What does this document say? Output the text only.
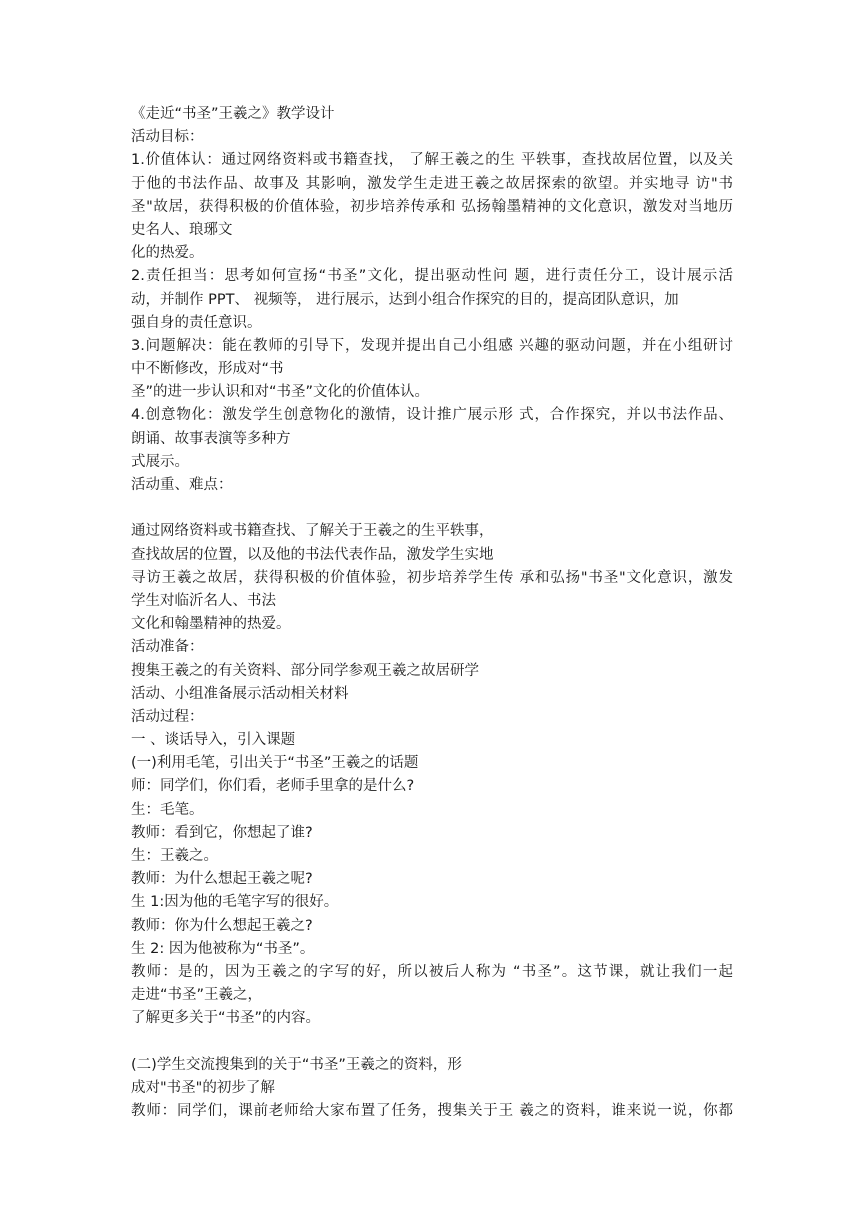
《走近“书圣”王羲之》教学设计
活动目标：
1.价值体认：通过网络资料或书籍查找， 了解王羲之的生 平轶事，查找故居位置，以及关
于他的书法作品、故事及 其影响，激发学生走进王羲之故居探索的欲望。并实地寻 访"书
圣"故居，获得积极的价值体验，初步培养传承和 弘扬翰墨精神的文化意识，激发对当地历
史名人、琅琊文
化的热爱。
2.责任担当：思考如何宣扬“书圣”文化，提出驱动性问 题，进行责任分工，设计展示活
动，并制作 PPT、 视频等， 进行展示，达到小组合作探究的目的，提高团队意识，加
强自身的责任意识。
3.问题解决：能在教师的引导下，发现并提出自己小组感 兴趣的驱动问题，并在小组研讨
中不断修改，形成对“书
圣”的进一步认识和对“书圣”文化的价值体认。
4.创意物化：激发学生创意物化的激情，设计推广展示形 式，合作探究，并以书法作品、
朗诵、故事表演等多种方
式展示。
活动重、难点：
通过网络资料或书籍查找、了解关于王羲之的生平轶事，
查找故居的位置，以及他的书法代表作品，激发学生实地
寻访王羲之故居，获得积极的价值体验，初步培养学生传 承和弘扬"书圣"文化意识，激发
学生对临沂名人、书法
文化和翰墨精神的热爱。
活动准备：
搜集王羲之的有关资料、部分同学参观王羲之故居研学
活动、小组准备展示活动相关材料
活动过程：
一 、谈话导入，引入课题
(一)利用毛笔，引出关于“书圣”王羲之的话题
师：同学们，你们看，老师手里拿的是什么?
生：毛笔。
教师：看到它，你想起了谁?
生：王羲之。
教师：为什么想起王羲之呢?
生 1:因为他的毛笔字写的很好。
教师：你为什么想起王羲之?
生 2: 因为他被称为“书圣”。
教师：是的，因为王羲之的字写的好，所以被后人称为 “书圣”。这节课，就让我们一起
走进“书圣”王羲之，
了解更多关于“书圣”的内容。
(二)学生交流搜集到的关于“书圣”王羲之的资料，形
成对"书圣"的初步了解
教师：同学们，课前老师给大家布置了任务，搜集关于王 羲之的资料，谁来说一说，你都
